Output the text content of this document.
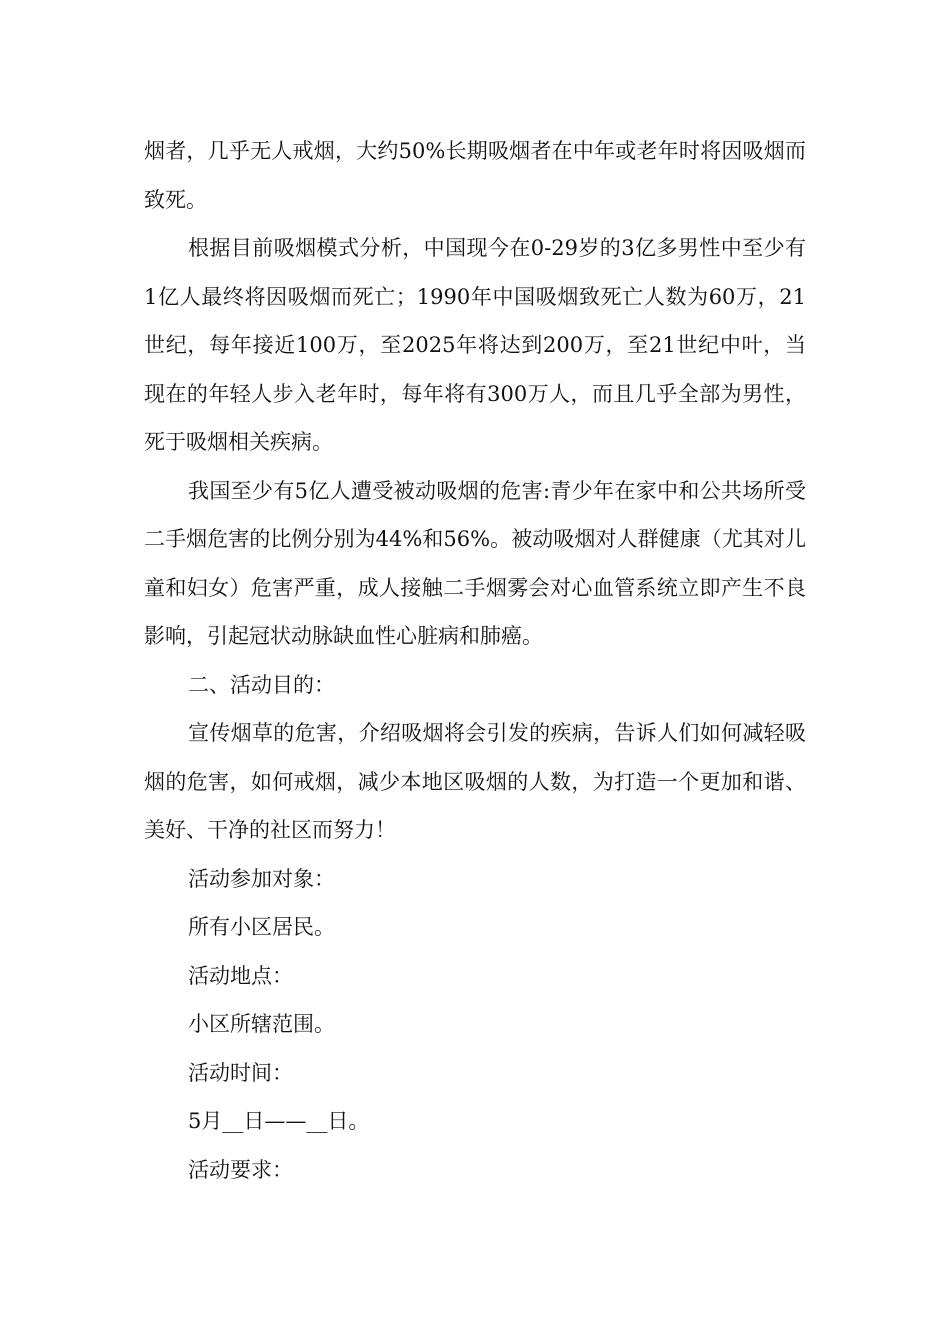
烟者，几乎无人戒烟，大约50%长期吸烟者在中年或老年时将因吸烟而致死。

根据目前吸烟模式分析，中国现今在0-29岁的3亿多男性中至少有1亿人最终将因吸烟而死亡；1990年中国吸烟致死亡人数为60万，21世纪，每年接近100万，至2025年将达到200万，至21世纪中叶，当现在的年轻人步入老年时，每年将有300万人，而且几乎全部为男性，死于吸烟相关疾病。

我国至少有5亿人遭受被动吸烟的危害:青少年在家中和公共场所受二手烟危害的比例分别为44%和56%。被动吸烟对人群健康（尤其对儿童和妇女）危害严重，成人接触二手烟雾会对心血管系统立即产生不良影响，引起冠状动脉缺血性心脏病和肺癌。

二、活动目的：

宣传烟草的危害，介绍吸烟将会引发的疾病，告诉人们如何减轻吸烟的危害，如何戒烟，减少本地区吸烟的人数，为打造一个更加和谐、美好、干净的社区而努力！

活动参加对象：

所有小区居民。

活动地点：

小区所辖范围。

活动时间：

5月__日——__日。

活动要求：
